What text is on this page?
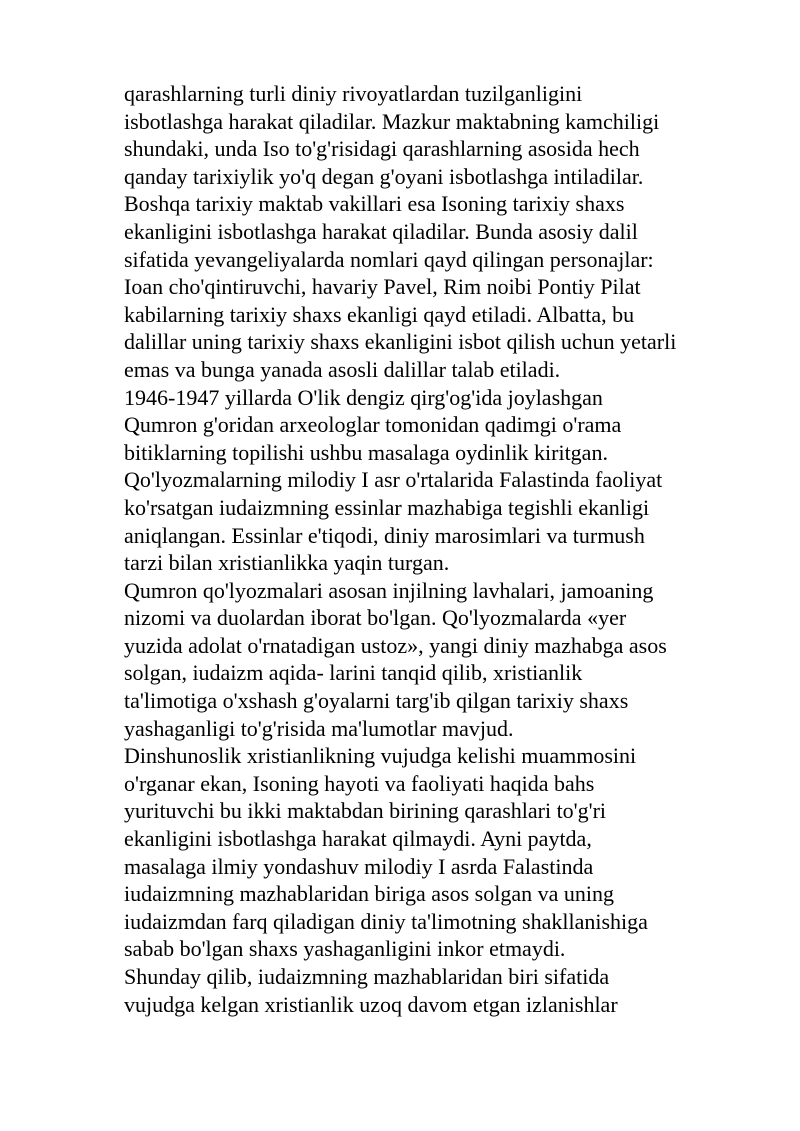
qarashlarning turli diniy rivoyatlardan tuzilganligini
isbotlashga harakat qiladilar. Mazkur maktabning kamchiligi
shundaki, unda Iso to'g'risidagi qarashlarning asosida hech
qanday tarixiylik yo'q degan g'oyani isbotlashga intiladilar.
Boshqa tarixiy maktab vakillari esa Isoning tarixiy shaxs
ekanligini isbotlashga harakat qiladilar. Bunda asosiy dalil
sifatida yevangeliyalarda nomlari qayd qilingan personajlar:
Ioan cho'qintiruvchi, havariy Pavel, Rim noibi Pontiy Pilat
kabilarning tarixiy shaxs ekanligi qayd etiladi. Albatta, bu
dalillar uning tarixiy shaxs ekanligini isbot qilish uchun yetarli
emas va bunga yanada asosli dalillar talab etiladi.
1946-1947 yillarda O'lik dengiz qirg'og'ida joylashgan
Qumron g'oridan arxeologlar tomonidan qadimgi o'rama
bitiklarning topilishi ushbu masalaga oydinlik kiritgan.
Qo'lyozmalarning milodiy I asr o'rtalarida Falastinda faoliyat
ko'rsatgan iudaizmning essinlar mazhabiga tegishli ekanligi
aniqlangan. Essinlar e'tiqodi, diniy marosimlari va turmush
tarzi bilan xristianlikka yaqin turgan.
Qumron qo'lyozmalari asosan injilning lavhalari, jamoaning
nizomi va duolardan iborat bo'lgan. Qo'lyozmalarda «yer
yuzida adolat o'rnatadigan ustoz», yangi diniy mazhabga asos
solgan, iudaizm aqida- larini tanqid qilib, xristianlik
ta'limotiga o'xshash g'oyalarni targ'ib qilgan tarixiy shaxs
yashaganligi to'g'risida ma'lumotlar mavjud.
Dinshunoslik xristianlikning vujudga kelishi muammosini
o'rganar ekan, Isoning hayoti va faoliyati haqida bahs
yurituvchi bu ikki maktabdan birining qarashlari to'g'ri
ekanligini isbotlashga harakat qilmaydi. Ayni paytda,
masalaga ilmiy yondashuv milodiy I asrda Falastinda
iudaizmning mazhablaridan biriga asos solgan va uning
iudaizmdan farq qiladigan diniy ta'limotning shakllanishiga
sabab bo'lgan shaxs yashaganligini inkor etmaydi.
Shunday qilib, iudaizmning mazhablaridan biri sifatida
vujudga kelgan xristianlik uzoq davom etgan izlanishlar
